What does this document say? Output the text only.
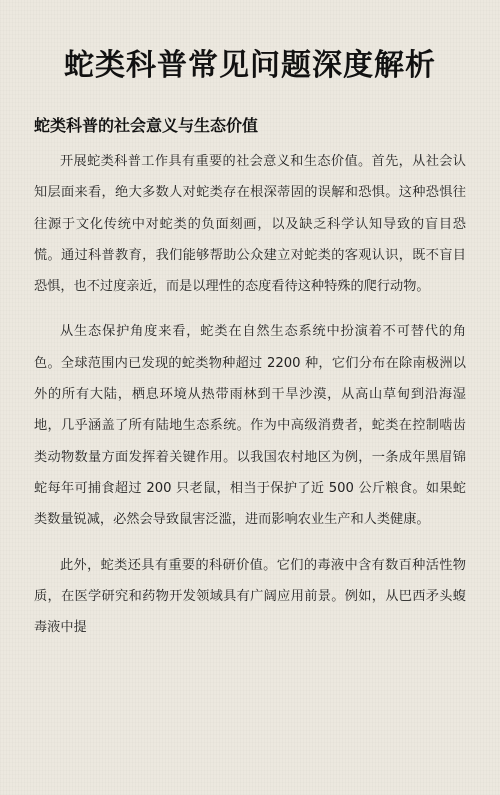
蛇类科普常见问题深度解析
蛇类科普的社会意义与生态价值

开展蛇类科普工作具有重要的社会意义和生态价值。首先，从社会认知层面来看，绝大多数人对蛇类存在根深蒂固的误解和恐惧。这种恐惧往往源于文化传统中对蛇类的负面刻画，以及缺乏科学认知导致的盲目恐慌。通过科普教育，我们能够帮助公众建立对蛇类的客观认识，既不盲目恐惧，也不过度亲近，而是以理性的态度看待这种特殊的爬行动物。

从生态保护角度来看，蛇类在自然生态系统中扮演着不可替代的角色。全球范围内已发现的蛇类物种超过 2200 种，它们分布在除南极洲以外的所有大陆，栖息环境从热带雨林到干旱沙漠，从高山草甸到沿海湿地，几乎涵盖了所有陆地生态系统。作为中高级消费者，蛇类在控制啮齿类动物数量方面发挥着关键作用。以我国农村地区为例，一条成年黑眉锦蛇每年可捕食超过 200 只老鼠，相当于保护了近 500 公斤粮食。如果蛇类数量锐减，必然会导致鼠害泛滥，进而影响农业生产和人类健康。

此外，蛇类还具有重要的科研价值。它们的毒液中含有数百种活性物质，在医学研究和药物开发领域具有广阔应用前景。例如，从巴西矛头蝮毒液中提
